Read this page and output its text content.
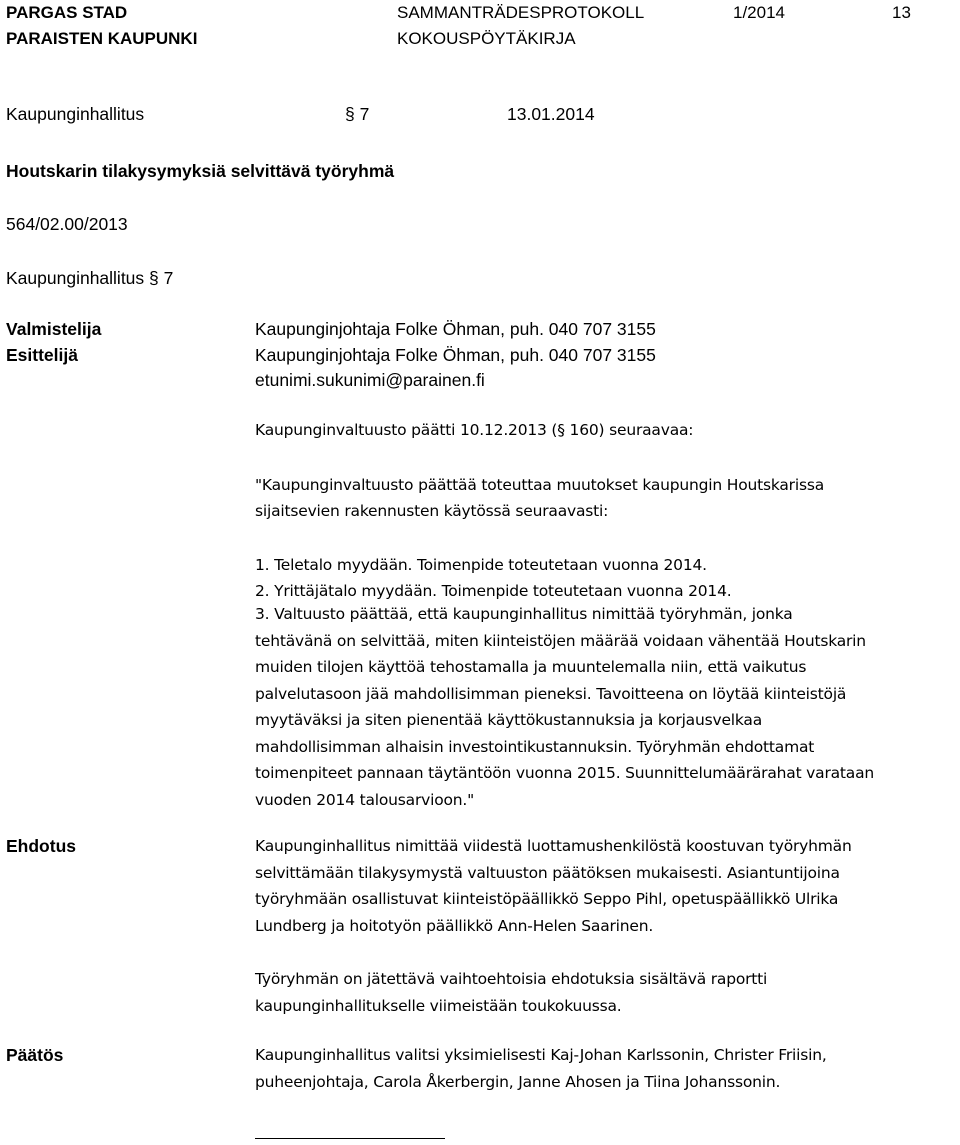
PARGAS STAD
PARAISTEN KAUPUNKI
SAMMANTRÄDESPROTOKOLL
KOKOUSPÖYTÄKIRJA
1/2014	13
Kaupunginhallitus	§ 7	13.01.2014
Houtskarin tilakysymyksiä selvittävä työryhmä
564/02.00/2013
Kaupunginhallitus § 7
Valmistelija	Kaupunginjohtaja Folke Öhman, puh. 040 707 3155
Esittelijä	Kaupunginjohtaja Folke Öhman, puh. 040 707 3155
etunimi.sukunimi@parainen.fi
Kaupunginvaltuusto päätti 10.12.2013 (§ 160) seuraavaa:
"Kaupunginvaltuusto päättää toteuttaa muutokset kaupungin Houtskarissa
sijaitsevien rakennusten käytössä seuraavasti:
1. Teletalo myydään. Toimenpide toteutetaan vuonna 2014.
2. Yrittäjätalo myydään. Toimenpide toteutetaan vuonna 2014.

3. Valtuusto päättää, että kaupunginhallitus nimittää työryhmän, jonka

tehtävänä on selvittää, miten kiinteistöjen määrää voidaan vähentää Houtskarin

muiden tilojen käyttöä tehostamalla ja muuntelemalla niin, että vaikutus

palvelutasoon jää mahdollisimman pieneksi. Tavoitteena on löytää kiinteistöjä

myytäväksi ja siten pienentää käyttökustannuksia ja korjausvelkaa

mahdollisimman alhaisin investointikustannuksin. Työryhmän ehdottamat

toimenpiteet pannaan täytäntöön vuonna 2015. Suunnittelumäärärahat varataan

vuoden 2014 talousarvioon."

Ehdotus	Kaupunginhallitus nimittää viidestä luottamushenkilöstä koostuvan työryhmän

selvittämään tilakysymystä valtuuston päätöksen mukaisesti. Asiantuntijoina

työryhmään osallistuvat kiinteistöpäällikkö Seppo Pihl, opetuspäällikkö Ulrika

Lundberg ja hoitotyön päällikkö Ann-Helen Saarinen.

Työryhmän on jätettävä vaihtoehtoisia ehdotuksia sisältävä raportti

kaupunginhallitukselle viimeistään toukokuussa.

Päätös	Kaupunginhallitus valitsi yksimielisesti Kaj-Johan Karlssonin, Christer Friisin,

puheenjohtaja, Carola Åkerbergin, Janne Ahosen ja Tiina Johanssonin.
